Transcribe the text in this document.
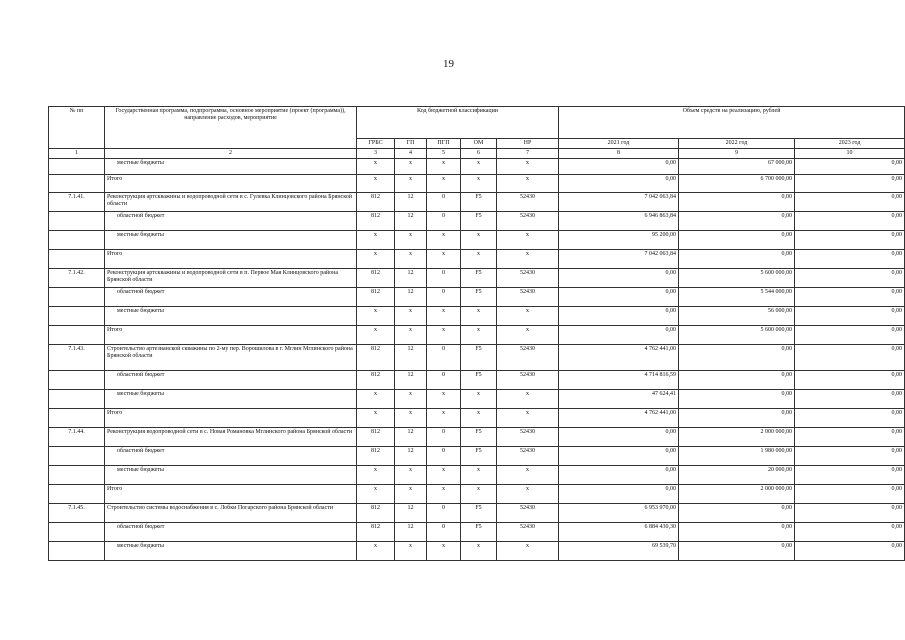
19
№ пп	Государственная программа, подпрограмма, основное мероприятие (проект (программа)), направление расходов, мероприятие	Код бюджетной классификации					Объем средств на реализацию, рублей		
		ГРБС	ГП	ПГП	ОМ	НР	2021 год	2022 год	2023 год
1	2	3	4	5	6	7	8	9	10
	местные бюджеты	х	х	х	х	х	0,00	67 000,00	0,00
	Итого	х	х	х	х	х	0,00	6 700 000,00	0,00
7.1.41.	Реконструкция артскважины и водопроводной сети в с. Гулевка Клинцовского района Брянской области	812	12	0	F5	52430	7 042 063,84	0,00	0,00
	областной бюджет	812	12	0	F5	52430	6 946 863,84	0,00	0,00
	местные бюджеты	х	х	х	х	х	95 200,00	0,00	0,00
	Итого	х	х	х	х	х	7 042 063,84	0,00	0,00
7.1.42.	Реконструкция артскважины и водопроводной сети в п. Первое Мая Клинцовского района Брянской области	812	12	0	F5	52430	0,00	5 600 000,00	0,00
	областной бюджет	812	12	0	F5	52430	0,00	5 544 000,00	0,00
	местные бюджеты	х	х	х	х	х	0,00	56 000,00	0,00
	Итого	х	х	х	х	х	0,00	5 600 000,00	0,00
7.1.43.	Строительство артезианской скважины по 2-му пер. Ворошилова в г. Мглин Мглинского района Брянской области	812	12	0	F5	52430	4 762 441,00	0,00	0,00
	областной бюджет	812	12	0	F5	52430	4 714 816,59	0,00	0,00
	местные бюджеты	х	х	х	х	х	47 624,41	0,00	0,00
	Итого	х	х	х	х	х	4 762 441,00	0,00	0,00
7.1.44.	Реконструкция водопроводной сети в с. Новая Романовка Мглинского района Брянской области	812	12	0	F5	52430	0,00	2 000 000,00	0,00
	областной бюджет	812	12	0	F5	52430	0,00	1 980 000,00	0,00
	местные бюджеты	х	х	х	х	х	0,00	20 000,00	0,00
	Итого	х	х	х	х	х	0,00	2 000 000,00	0,00
7.1.45.	Строительство системы водоснабжения в с. Лобки Погарского района Брянской области	812	12	0	F5	52430	6 953 970,00	0,00	0,00
	областной бюджет	812	12	0	F5	52430	6 884 430,30	0,00	0,00
	местные бюджеты	х	х	х	х	х	69 539,70	0,00	0,00
